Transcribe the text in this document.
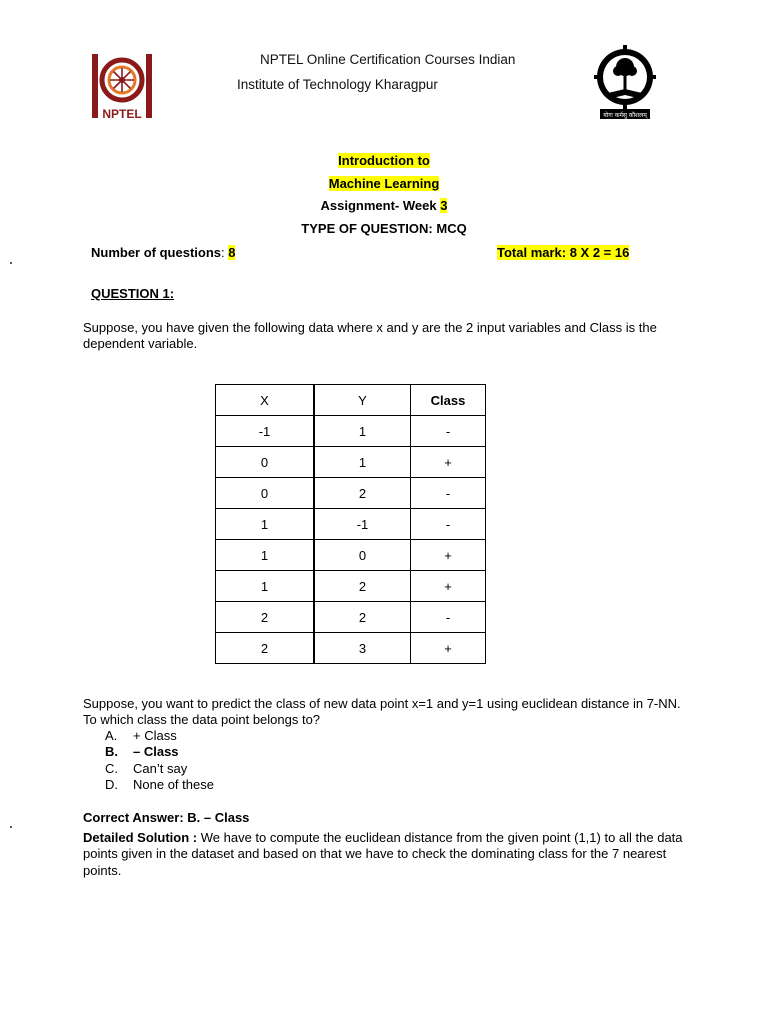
NPTEL
NPTEL Online Certification Courses Indian
Institute of Technology Kharagpur
योगः कर्मसु कौशलम्
Introduction to
Machine Learning
Assignment- Week 3
TYPE OF QUESTION: MCQ
Number of questions: 8	Total mark: 8 X 2 = 16
QUESTION 1:
Suppose, you have given the following data where x and y are the 2 input variables and Class is the dependent variable.
X	Y	Class
-1	1	-
0	1	+
0	2	-
1	-1	-
1	0	+
1	2	+
2	2	-
2	3	+
Suppose, you want to predict the class of new data point x=1 and y=1 using euclidean distance in 7-NN. To which class the data point belongs to?
A.	+ Class
B.	– Class
C.	Can’t say
D.	None of these
Correct Answer: B. – Class
Detailed Solution : We have to compute the euclidean distance from the given point (1,1) to all the data points given in the dataset and based on that we have to check the dominating class for the 7 nearest points.
